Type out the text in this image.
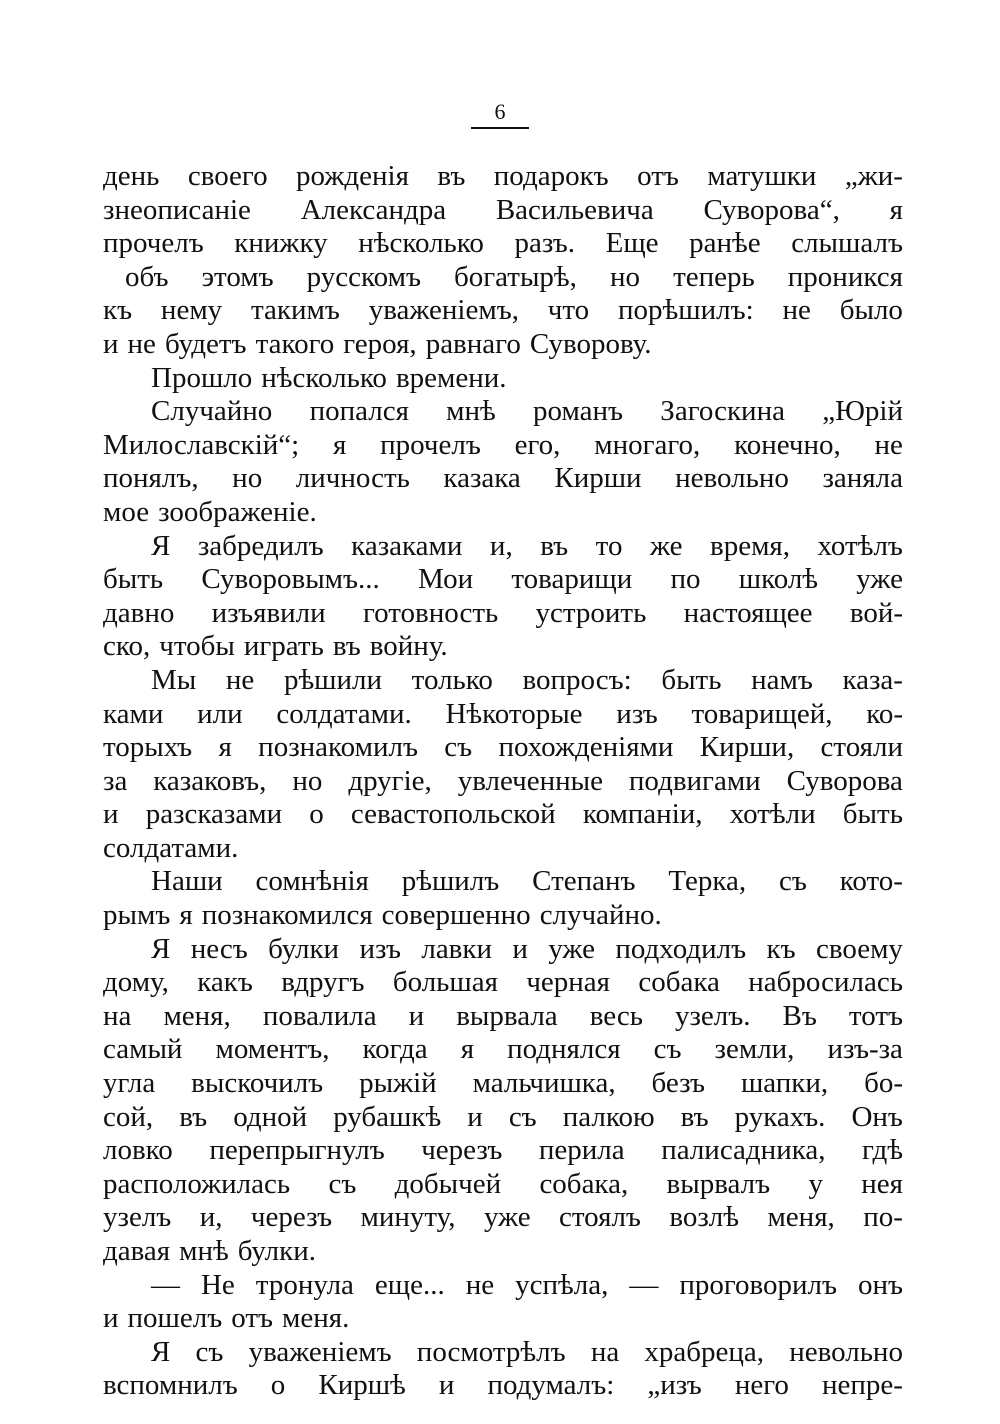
6
день своего рожденія въ подарокъ отъ матушки „жи-
знеописаніе Александра Васильевича Суворова“, я
прочелъ книжку нѣсколько разъ. Еще ранѣе слышалъ
объ этомъ русскомъ богатырѣ, но теперь проникся
къ нему такимъ уваженіемъ, что порѣшилъ: не было
и не будетъ такого героя, равнаго Суворову.
Прошло нѣсколько времени.
Случайно попался мнѣ романъ Загоскина „Юрій
Милославскій“; я прочелъ его, многаго, конечно, не
понялъ, но личность казака Кирши невольно заняла
мое зоображеніе.
Я забредилъ казаками и, въ то же время, хотѣлъ
быть Суворовымъ... Мои товарищи по школѣ уже
давно изъявили готовность устроить настоящее вой-
ско, чтобы играть въ войну.
Мы не рѣшили только вопросъ: быть намъ каза-
ками или солдатами. Нѣкоторые изъ товарищей, ко-
торыхъ я познакомилъ съ похожденіями Кирши, стояли
за казаковъ, но другіе, увлеченные подвигами Суворова
и разсказами о севастопольской компаніи, хотѣли быть
солдатами.
Наши сомнѣнія рѣшилъ Степанъ Терка, съ кото-
рымъ я познакомился совершенно случайно.
Я несъ булки изъ лавки и уже подходилъ къ своему
дому, какъ вдругъ большая черная собака набросилась
на меня, повалила и вырвала весь узелъ. Въ тотъ
самый моментъ, когда я поднялся съ земли, изъ-за
угла выскочилъ рыжій мальчишка, безъ шапки, бо-
сой, въ одной рубашкѣ и съ палкою въ рукахъ. Онъ
ловко перепрыгнулъ черезъ перила палисадника, гдѣ
расположилась съ добычей собака, вырвалъ у нея
узелъ и, черезъ минуту, уже стоялъ возлѣ меня, по-
давая мнѣ булки.
— Не тронула еще... не успѣла, — проговорилъ онъ
и пошелъ отъ меня.
Я съ уваженіемъ посмотрѣлъ на храбреца, невольно
вспомнилъ о Киршѣ и подумалъ: „изъ него непре-
